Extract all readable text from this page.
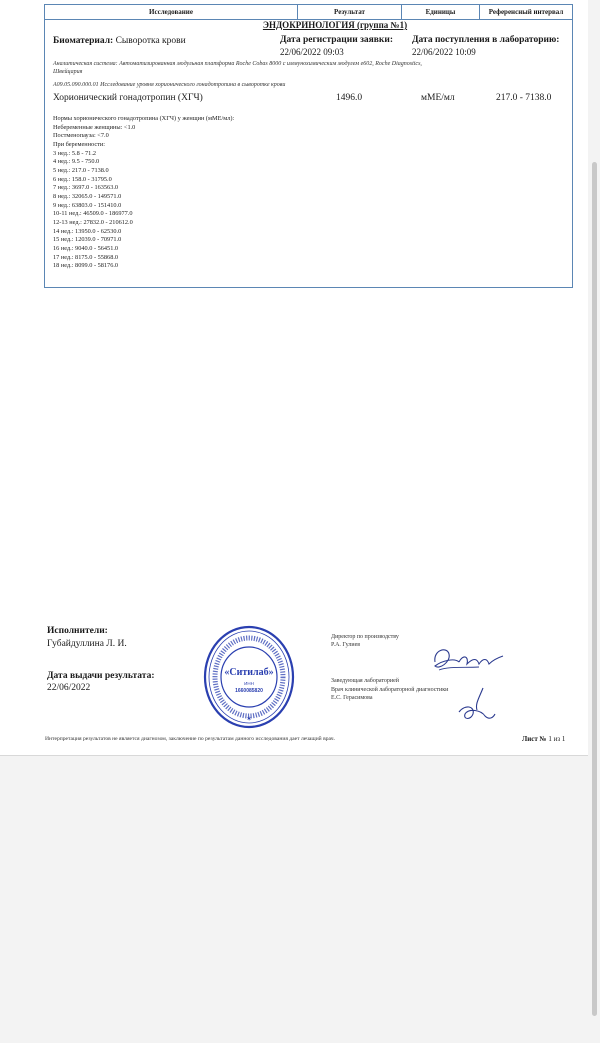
Исследование	Результат	Единицы	Референсный интервал
ЭНДОКРИНОЛОГИЯ (группа №1)
Биоматериал: Сыворотка крови	Дата регистрации заявки:
22/06/2022 09:03
Дата поступления в лабораторию:
22/06/2022 10:09
Аналитическая система: Автоматизированная модульная платформа Roche Cobas 8000 с иммунохимическим модулем e602, Roche Diagnostics,
Швейцария
A09.05.090.000.01 Исследование уровня хорионического гонадотропина в сыворотке крови
Хорионический гонадотропин (ХГЧ)	1496.0	мМЕ/мл	217.0 - 7138.0
Нормы хорионического гонадотропина (ХГЧ) у женщин (мМЕ/мл):
Небеременные женщины: <1.0
Постменопауза: <7.0
При беременности:
3 нед.: 5.8 - 71.2
4 нед.: 9.5 - 750.0
5 нед.: 217.0 - 7138.0
6 нед.: 158.0 - 31795.0
7 нед.: 3697.0 - 163563.0
8 нед.: 32065.0 - 149571.0
9 нед.: 63803.0 - 151410.0
10-11 нед.: 46509.0 - 186977.0
12-13 нед.: 27832.0 - 210612.0
14 нед.: 13950.0 - 62530.0
15 нед.: 12039.0 - 70971.0
16 нед.: 9040.0 - 56451.0
17 нед.: 8175.0 - 55868.0
18 нед.: 8099.0 - 58176.0
Исполнители:
Губайдуллина Л. И.
Дата выдачи результата:
22/06/2022
«Ситилаб»
ИНН
1660085820
✶
Директор по производству
Р.А. Гулиев
Заведующая лабораторией
Врач клинической лабораторной диагностики
Е.С. Герасимова
Интерпретация результатов не является диагнозом, заключение по результатам данного исследования дает лечащий врач.	Лист № 1 из 1
